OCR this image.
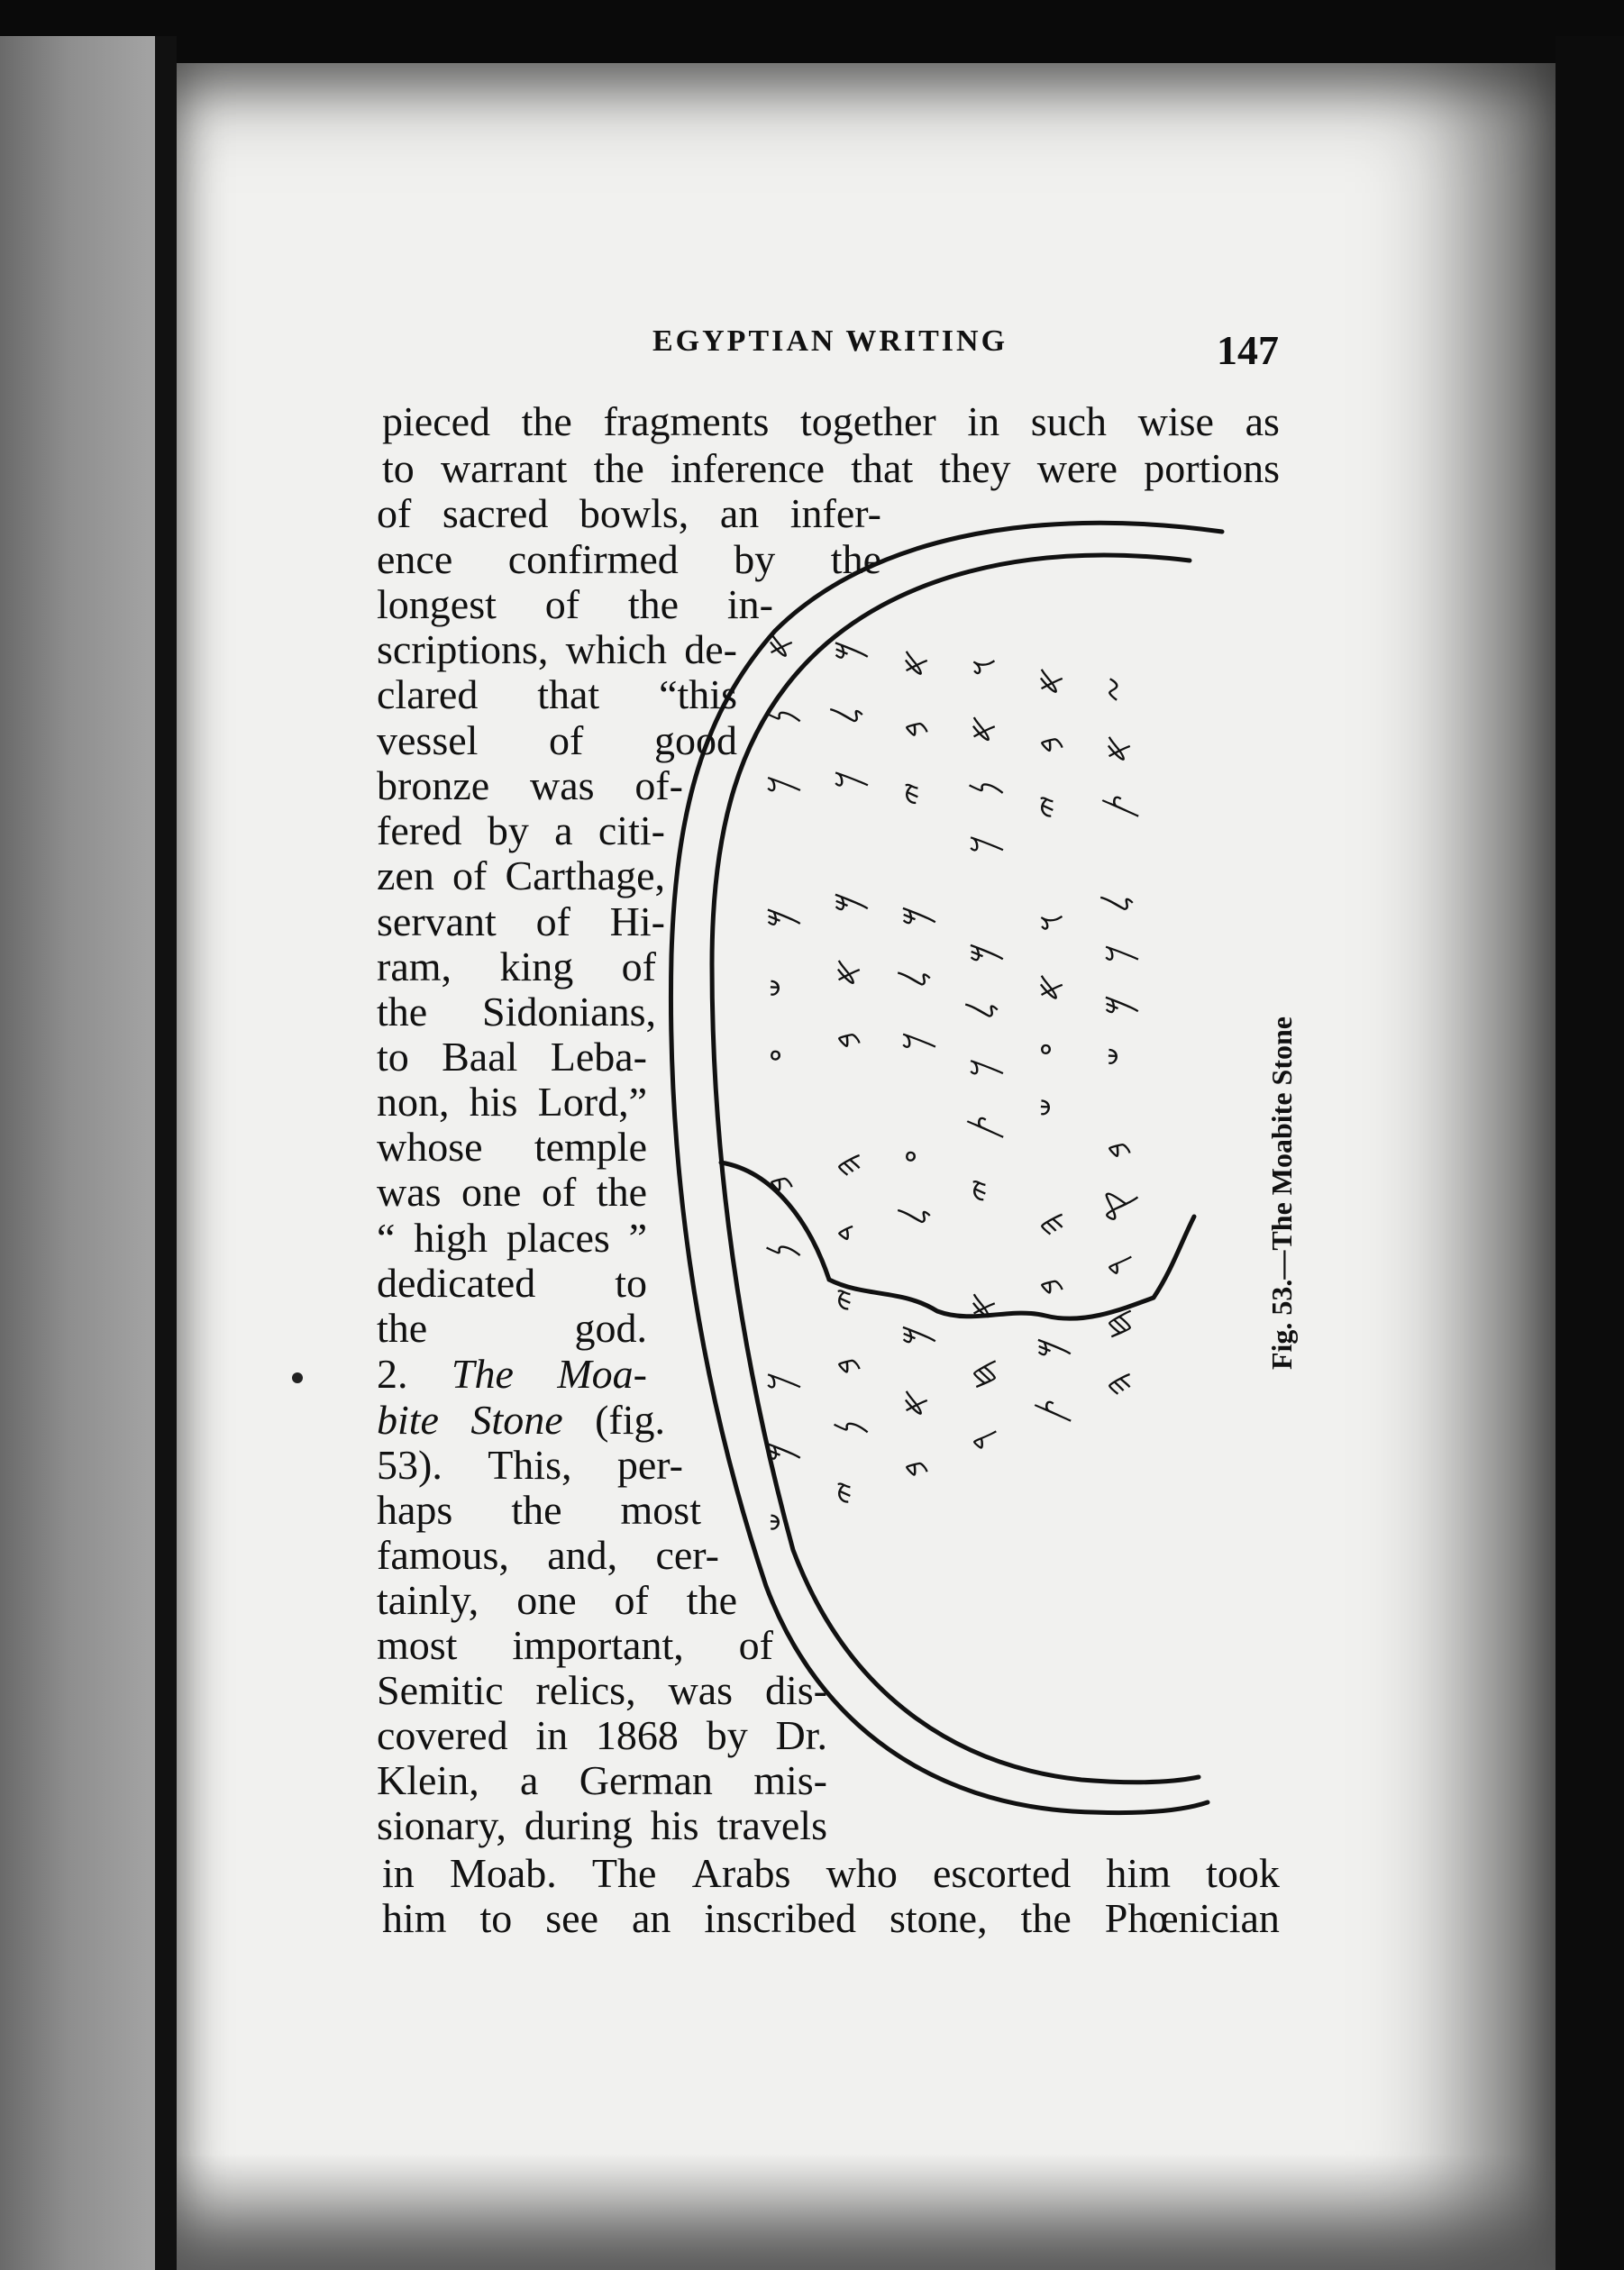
EGYPTIAN WRITING	147
pieced the fragments together in such wise as
to warrant the inference that they were portions
of sacred bowls, an infer-
ence confirmed by the
longest of the in-
scriptions, which de-
clared that “this
vessel of good
bronze was of-
fered by a citi-
zen of Carthage,
servant of Hi-
ram, king of
the Sidonians,
to Baal Leba-
non, his Lord,”
whose temple
was one of the
“ high places ”
dedicated to
the	god.
2. The Moa-
bite Stone (fig.
53). This, per-
haps the most
famous, and, cer-
tainly, one of the
most important, of
Semitic relics, was dis-
covered in 1868 by Dr.
Klein, a German mis-
sionary, during his travels
in Moab. The Arabs who escorted him took
him to see an inscribed stone, the Phœnician
𐤀𐤍𐤊 𐤌𐤔𐤏 𐤁𐤍 𐤊𐤌𐤔
𐤌𐤋𐤊 𐤌𐤀𐤁 𐤄𐤃𐤉𐤁𐤍𐤉
𐤀𐤁𐤉 𐤌𐤋𐤊 𐤏𐤋 𐤌𐤀𐤁
𐤅𐤀𐤍𐤊 𐤌𐤋𐤊𐤕𐤉 𐤀𐤇𐤓
𐤀𐤁𐤉 𐤅𐤀𐤏𐤔 𐤄𐤁𐤌𐤕
𐤆𐤀𐤕 𐤋𐤊𐤌𐤔 𐤁𐤒𐤓𐤇𐤄
Fig. 53.—The Moabite Stone
